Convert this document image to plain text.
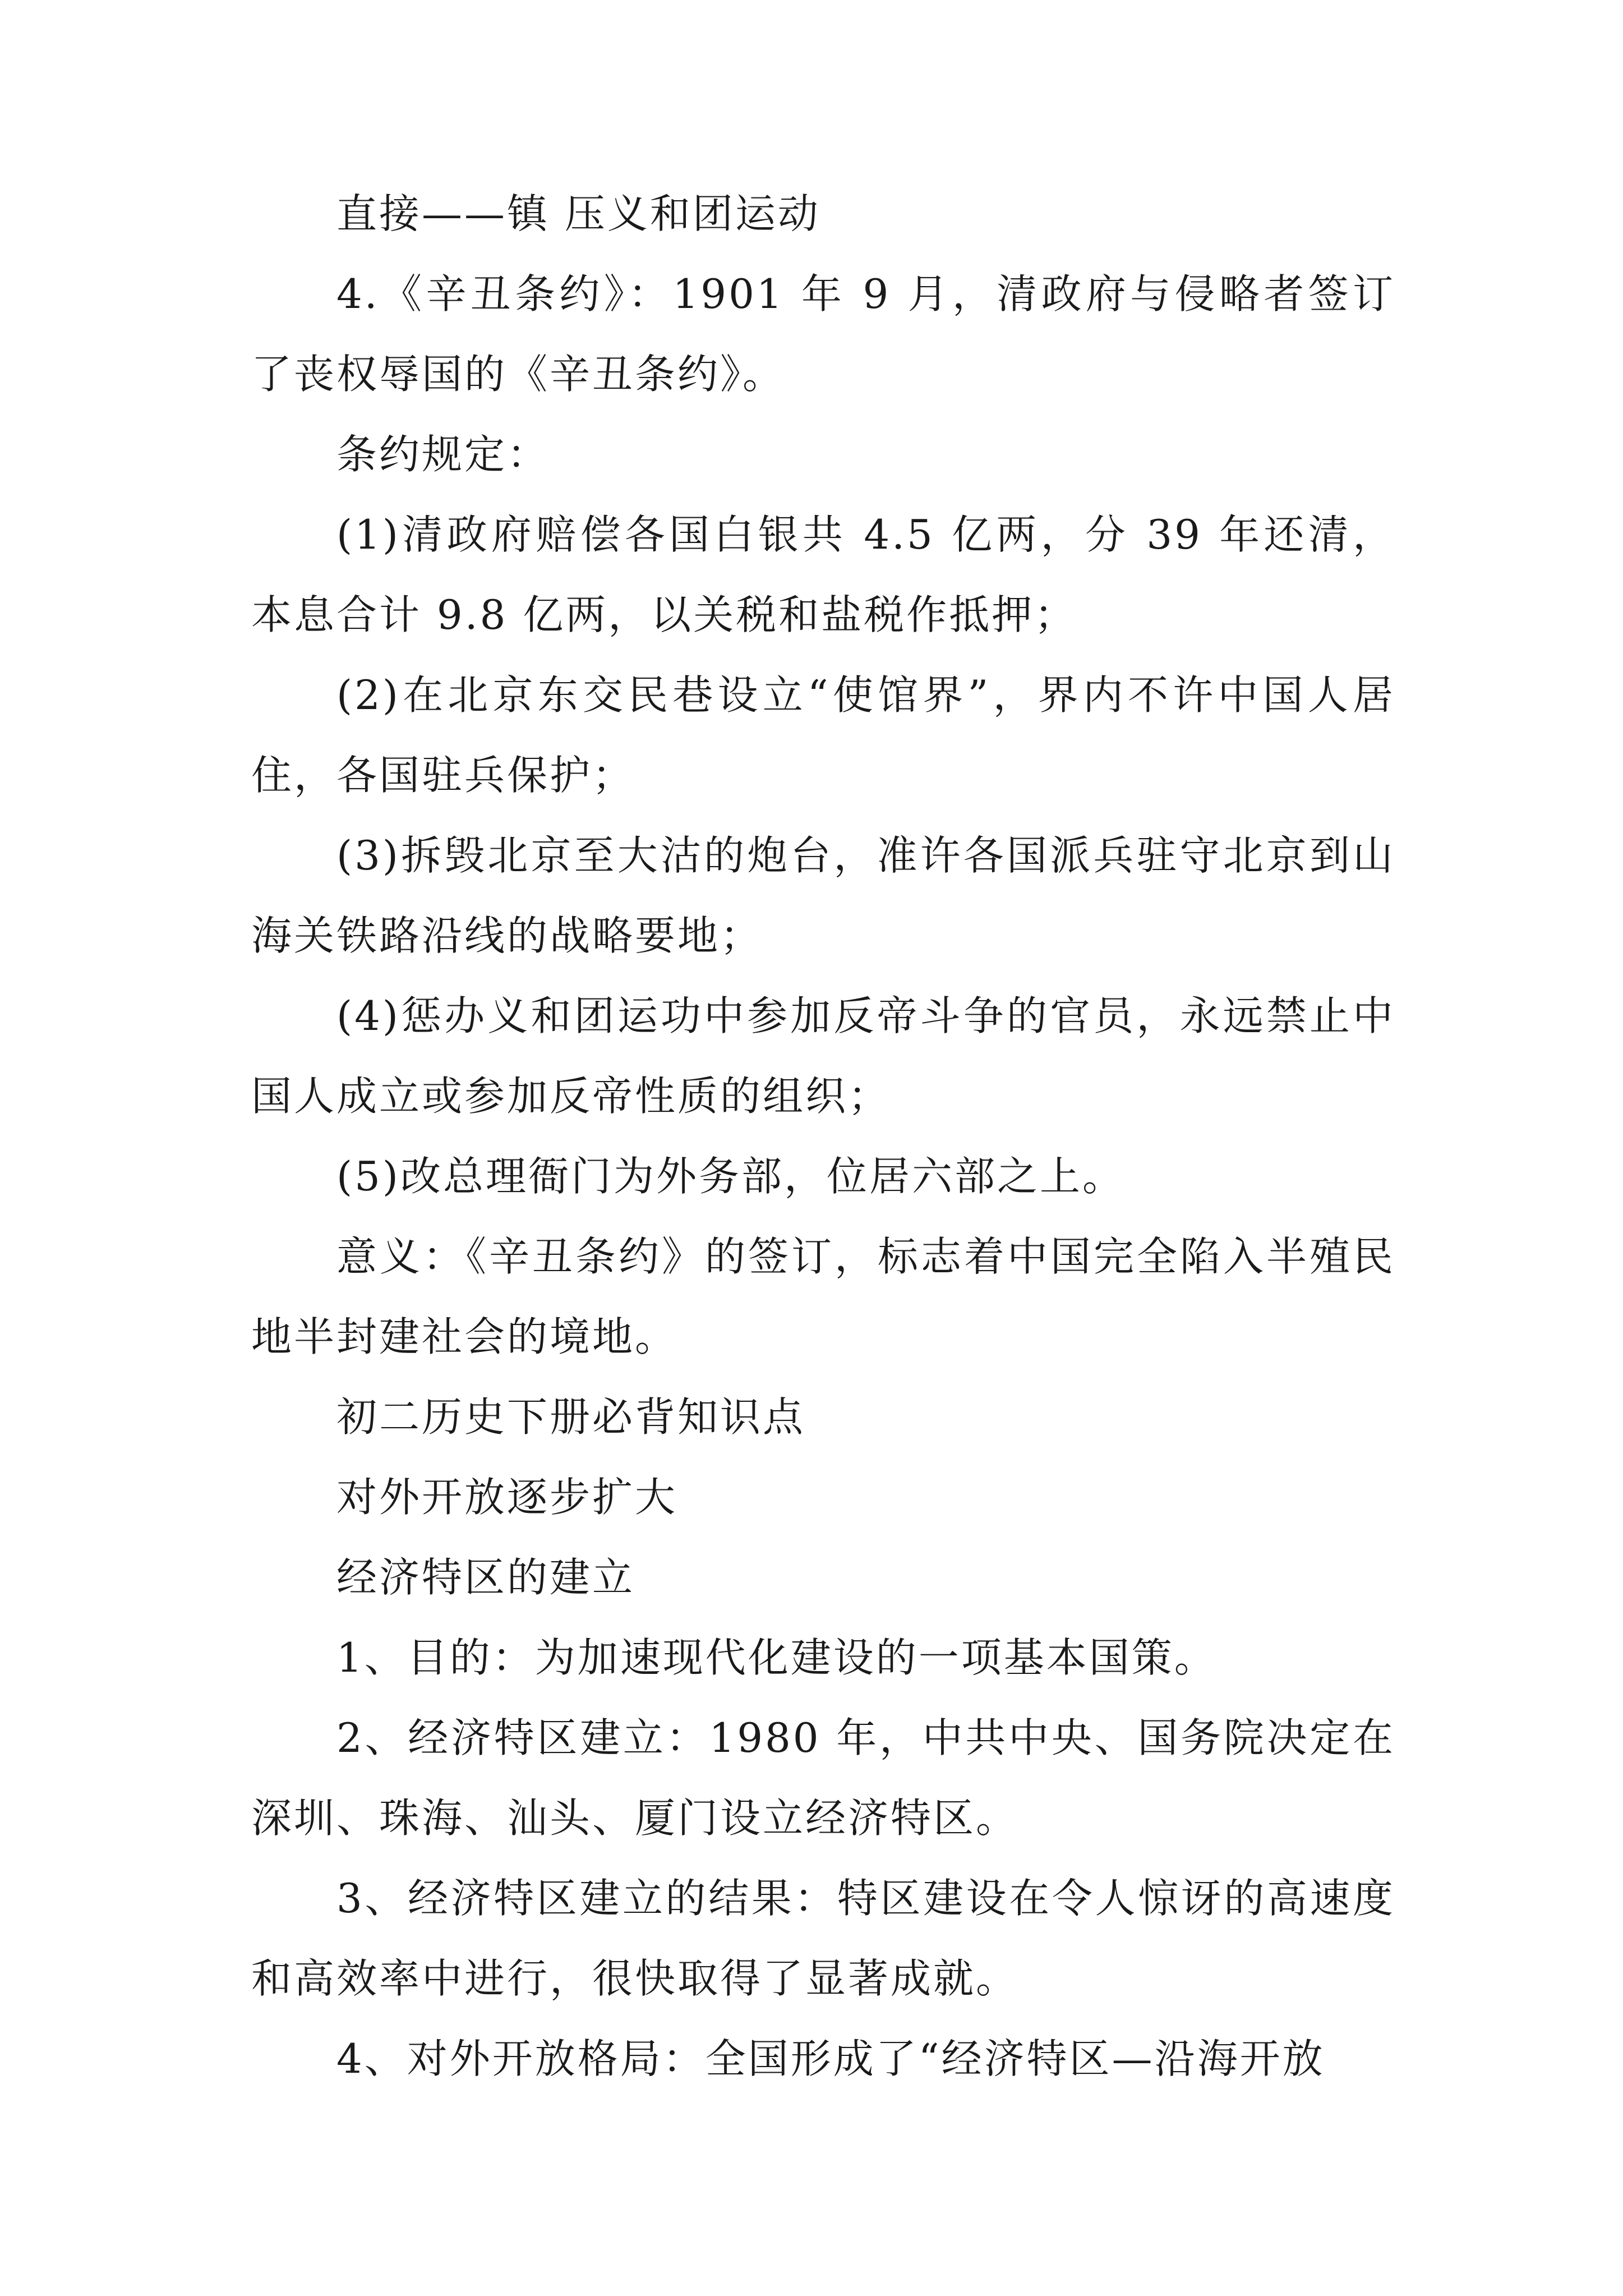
直接——镇 压义和团运动

4.《辛丑条约》：1901 年 9 月，清政府与侵略者签订了丧权辱国的《辛丑条约》。

条约规定：

(1)清政府赔偿各国白银共 4.5 亿两，分 39 年还清，本息合计 9.8 亿两，以关税和盐税作抵押；

(2)在北京东交民巷设立“使馆界”，界内不许中国人居住，各国驻兵保护；

(3)拆毁北京至大沽的炮台，准许各国派兵驻守北京到山海关铁路沿线的战略要地；

(4)惩办义和团运功中参加反帝斗争的官员，永远禁止中国人成立或参加反帝性质的组织；

(5)改总理衙门为外务部，位居六部之上。

意义：《辛丑条约》的签订，标志着中国完全陷入半殖民地半封建社会的境地。

初二历史下册必背知识点

对外开放逐步扩大

经济特区的建立

1、目的：为加速现代化建设的一项基本国策。

2、经济特区建立：1980 年，中共中央、国务院决定在深圳、珠海、汕头、厦门设立经济特区。

3、经济特区建立的结果：特区建设在令人惊讶的高速度和高效率中进行，很快取得了显著成就。

4、对外开放格局：全国形成了“经济特区—沿海开放
